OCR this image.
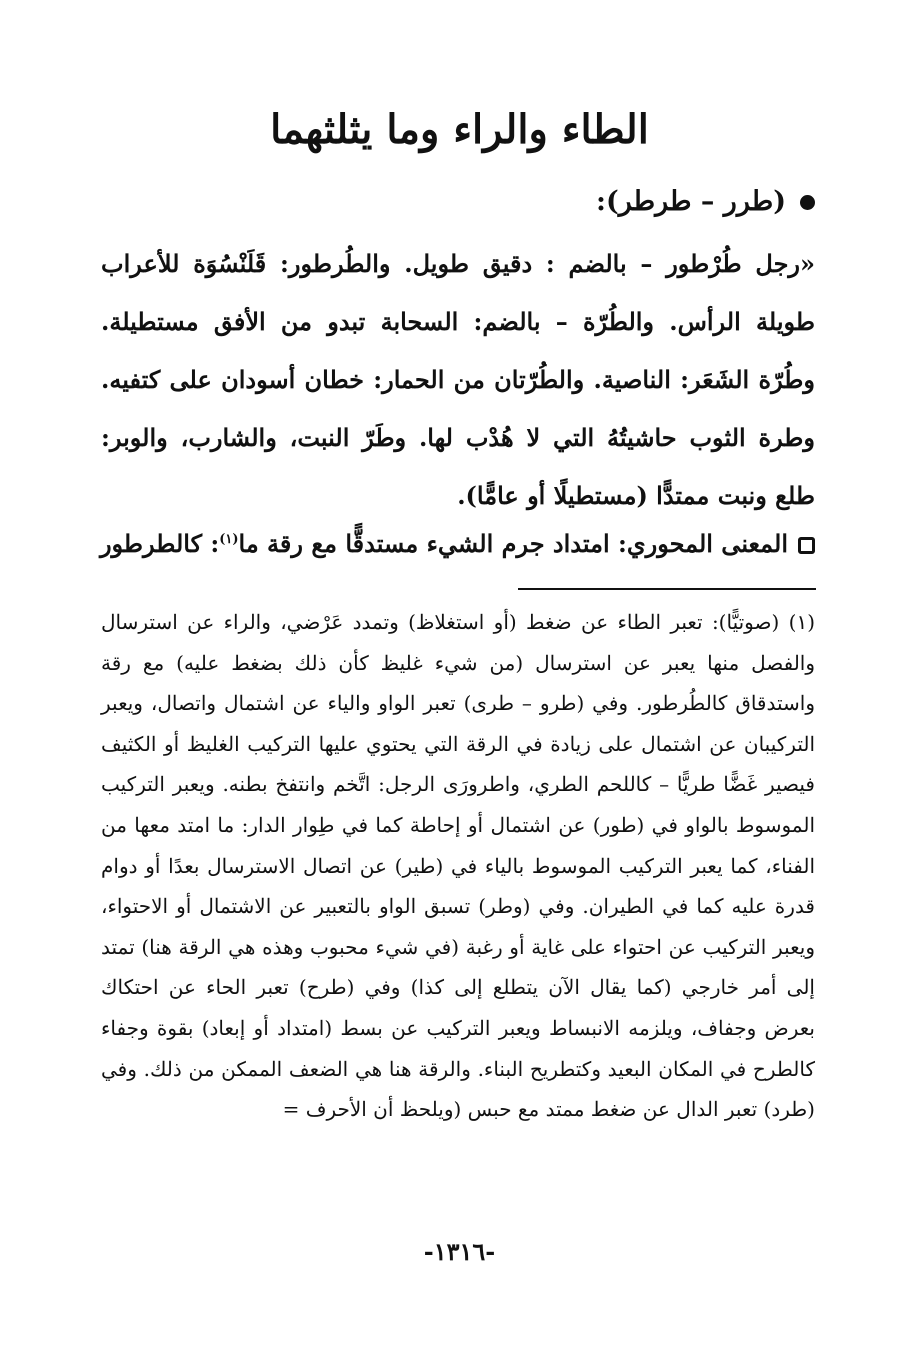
الطاء والراء وما يثلثهما
(طرر – طرطر):

«رجل طُرْطور – بالضم : دقيق طويل. والطُرطور: قَلَنْسُوَة للأعراب طويلة الرأس. والطُرّة – بالضم: السحابة تبدو من الأفق مستطيلة. وطُرّة الشَعَر: الناصية. والطُرّتان من الحمار: خطان أسودان على كتفيه. وطرة الثوب حاشيتُهُ التي لا هُدْب لها. وطَرّ النبت، والشارب، والوبر: طلع ونبت ممتدًّا (مستطيلًا أو عامًّا).

المعنى المحوري: امتداد جرم الشيء مستدقًّا مع رقة ما$^{(١)}$: كالطرطور

(١) (صوتيًّا): تعبر الطاء عن ضغط (أو استغلاظ) وتمدد عَرْضي، والراء عن استرسال والفصل منها يعبر عن استرسال (من شيء غليظ كأن ذلك بضغط عليه) مع رقة واستدقاق كالطُرطور. وفي (طرو – طرى) تعبر الواو والياء عن اشتمال واتصال، ويعبر التركيبان عن اشتمال على زيادة في الرقة التي يحتوي عليها التركيب الغليظ أو الكثيف فيصير غَضًّا طريًّا – كاللحم الطري، واطرورَى الرجل: اتَّخم وانتفخ بطنه. ويعبر التركيب الموسوط بالواو في (طور) عن اشتمال أو إحاطة كما في طِوار الدار: ما امتد معها من الفناء، كما يعبر التركيب الموسوط بالياء في (طير) عن اتصال الاسترسال بعدًا أو دوام قدرة عليه كما في الطيران. وفي (وطر) تسبق الواو بالتعبير عن الاشتمال أو الاحتواء، ويعبر التركيب عن احتواء على غاية أو رغبة (في شيء محبوب وهذه هي الرقة هنا) تمتد إلى أمر خارجي (كما يقال الآن يتطلع إلى كذا) وفي (طرح) تعبر الحاء عن احتكاك بعرض وجفاف، ويلزمه الانبساط ويعبر التركيب عن بسط (امتداد أو إبعاد) بقوة وجفاء كالطرح في المكان البعيد وكتطريح البناء. والرقة هنا هي الضعف الممكن من ذلك. وفي (طرد) تعبر الدال عن ضغط ممتد مع حبس (ويلحظ أن الأحرف =

-١٣١٦-
